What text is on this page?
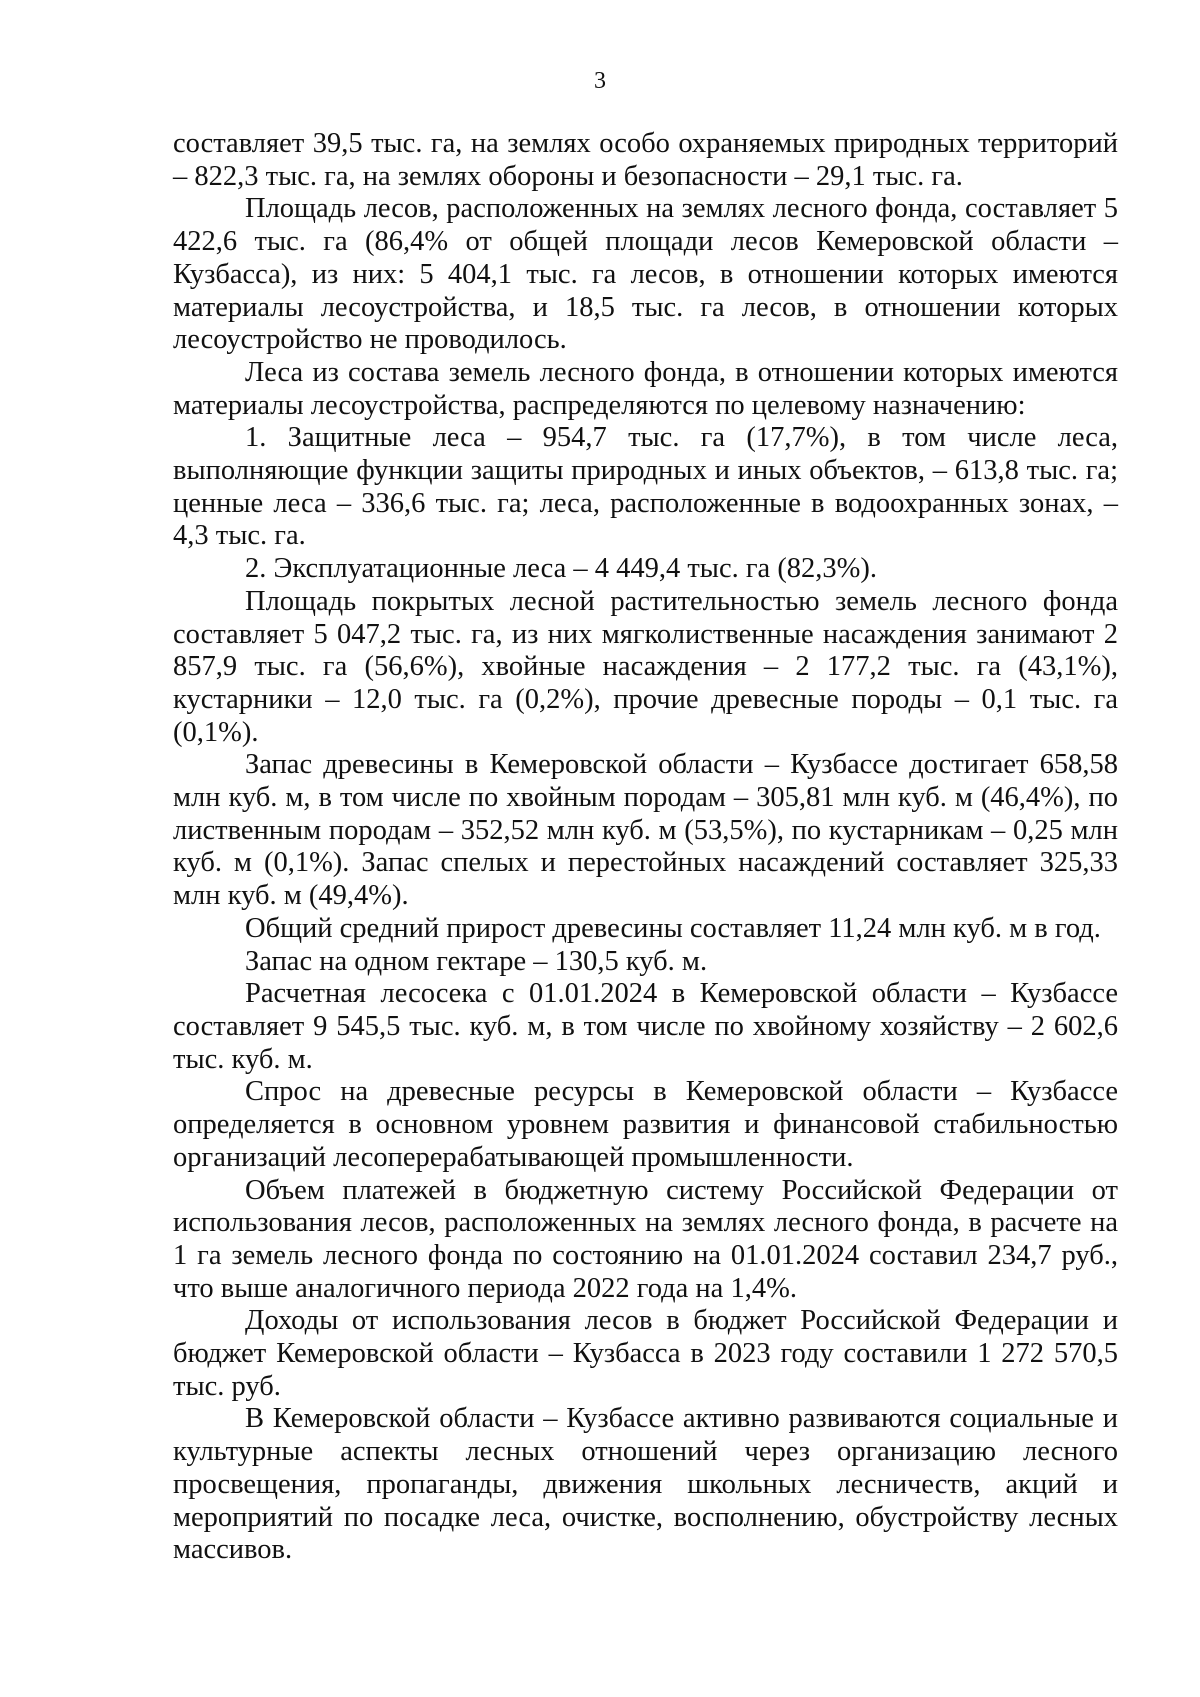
3

составляет 39,5 тыс. га, на землях особо охраняемых природных территорий – 822,3 тыс. га, на землях обороны и безопасности – 29,1 тыс. га.

Площадь лесов, расположенных на землях лесного фонда, составляет 5 422,6 тыс. га (86,4% от общей площади лесов Кемеровской области – Кузбасса), из них: 5 404,1 тыс. га лесов, в отношении которых имеются материалы лесоустройства, и 18,5 тыс. га лесов, в отношении которых лесоустройство не проводилось.

Леса из состава земель лесного фонда, в отношении которых имеются материалы лесоустройства, распределяются по целевому назначению:

1. Защитные леса – 954,7 тыс. га (17,7%), в том числе леса, выполняющие функции защиты природных и иных объектов, – 613,8 тыс. га; ценные леса – 336,6 тыс. га; леса, расположенные в водоохранных зонах, – 4,3 тыс. га.

2. Эксплуатационные леса – 4 449,4 тыс. га (82,3%).

Площадь покрытых лесной растительностью земель лесного фонда составляет 5 047,2 тыс. га, из них мягколиственные насаждения занимают 2 857,9 тыс. га (56,6%), хвойные насаждения – 2 177,2 тыс. га (43,1%), кустарники – 12,0 тыс. га (0,2%), прочие древесные породы – 0,1 тыс. га (0,1%).

Запас древесины в Кемеровской области – Кузбассе достигает 658,58 млн куб. м, в том числе по хвойным породам – 305,81 млн куб. м (46,4%), по лиственным породам – 352,52 млн куб. м (53,5%), по кустарникам – 0,25 млн куб. м (0,1%). Запас спелых и перестойных насаждений составляет 325,33 млн куб. м (49,4%).

Общий средний прирост древесины составляет 11,24 млн куб. м в год.

Запас на одном гектаре – 130,5 куб. м.

Расчетная лесосека с 01.01.2024 в Кемеровской области – Кузбассе составляет 9 545,5 тыс. куб. м, в том числе по хвойному хозяйству – 2 602,6 тыс. куб. м.

Спрос на древесные ресурсы в Кемеровской области – Кузбассе определяется в основном уровнем развития и финансовой стабильностью организаций лесоперерабатывающей промышленности.

Объем платежей в бюджетную систему Российской Федерации от использования лесов, расположенных на землях лесного фонда, в расчете на 1 га земель лесного фонда по состоянию на 01.01.2024 составил 234,7 руб., что выше аналогичного периода 2022 года на 1,4%.

Доходы от использования лесов в бюджет Российской Федерации и бюджет Кемеровской области – Кузбасса в 2023 году составили 1 272 570,5 тыс. руб.

В Кемеровской области – Кузбассе активно развиваются социальные и культурные аспекты лесных отношений через организацию лесного просвещения, пропаганды, движения школьных лесничеств, акций и мероприятий по посадке леса, очистке, восполнению, обустройству лесных массивов.
